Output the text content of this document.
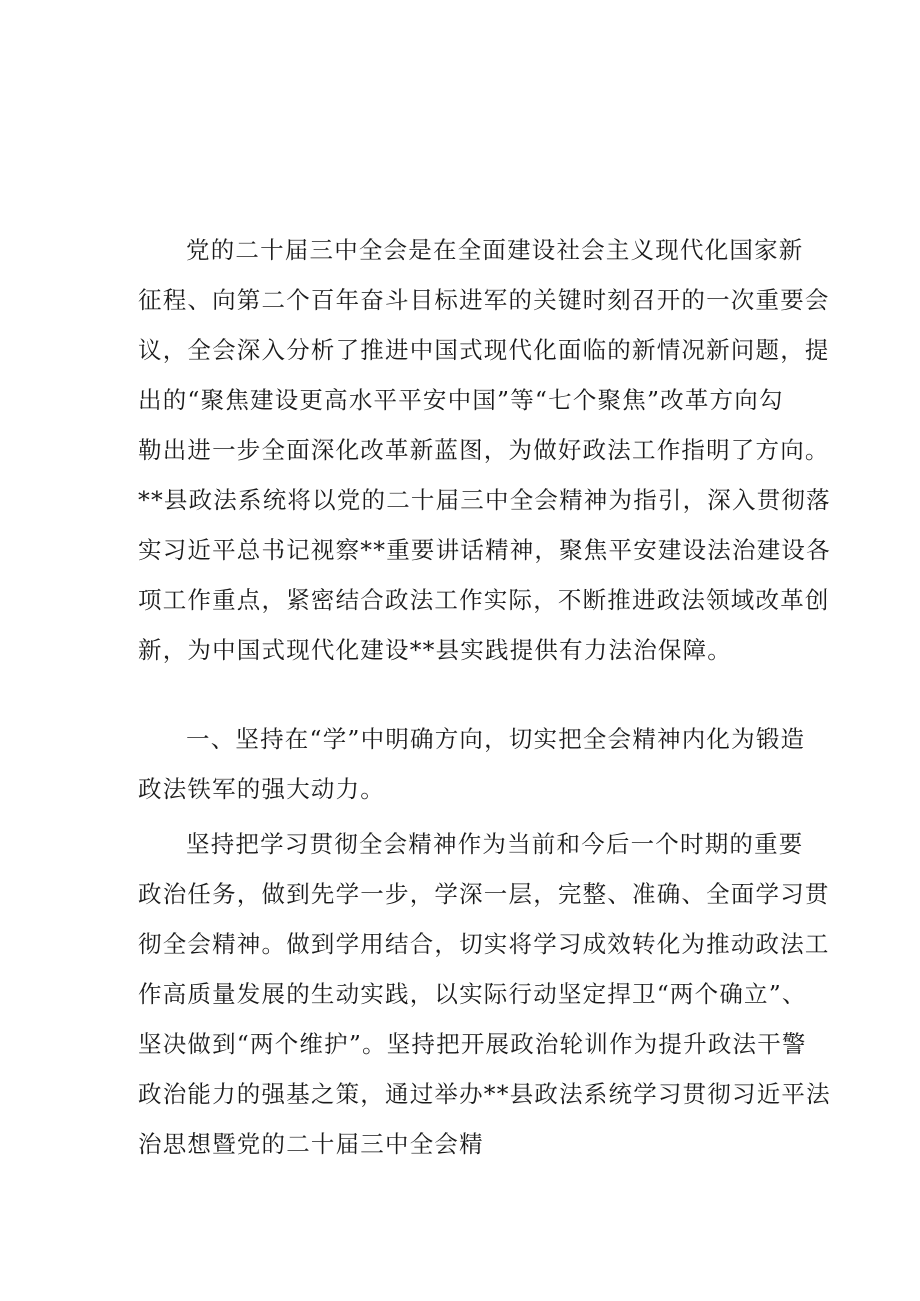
党的二十届三中全会是在全面建设社会主义现代化国家新
征程、向第二个百年奋斗目标进军的关键时刻召开的一次重要会
议，全会深入分析了推进中国式现代化面临的新情况新问题，提
出的“聚焦建设更高水平平安中国”等“七个聚焦”改革方向勾
勒出进一步全面深化改革新蓝图，为做好政法工作指明了方向。
**县政法系统将以党的二十届三中全会精神为指引，深入贯彻落
实习近平总书记视察**重要讲话精神，聚焦平安建设法治建设各
项工作重点，紧密结合政法工作实际，不断推进政法领域改革创
新，为中国式现代化建设**县实践提供有力法治保障。
一、坚持在“学”中明确方向，切实把全会精神内化为锻造
政法铁军的强大动力。
坚持把学习贯彻全会精神作为当前和今后一个时期的重要
政治任务，做到先学一步，学深一层，完整、准确、全面学习贯
彻全会精神。做到学用结合，切实将学习成效转化为推动政法工
作高质量发展的生动实践，以实际行动坚定捍卫“两个确立”、
坚决做到“两个维护”。坚持把开展政治轮训作为提升政法干警
政治能力的强基之策，通过举办**县政法系统学习贯彻习近平法
治思想暨党的二十届三中全会精
